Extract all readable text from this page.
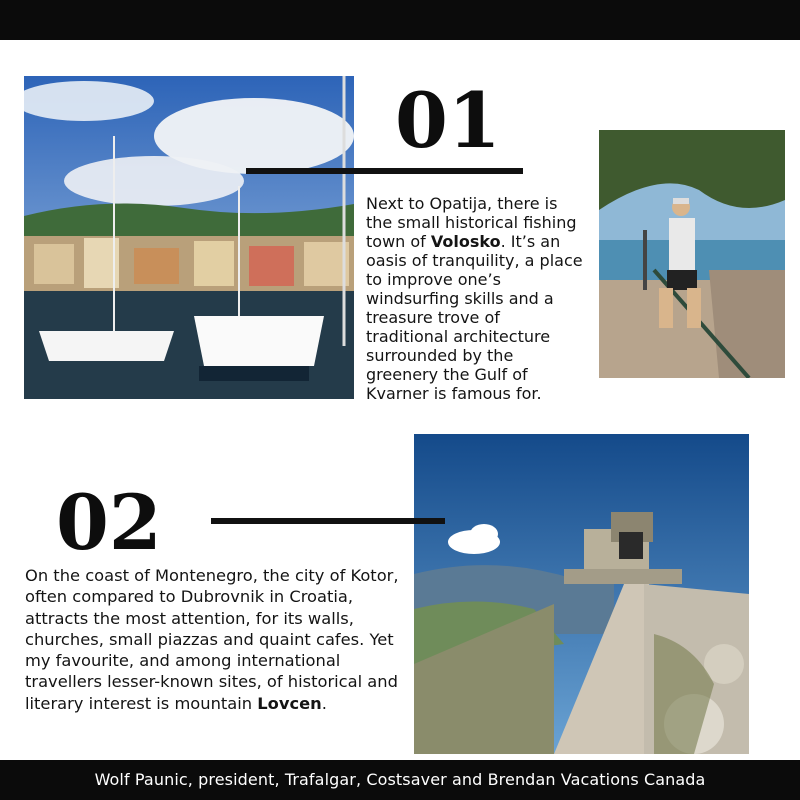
01
Next to Opatija, there is the small historical fishing town of Volosko. It’s an oasis of tranquility, a place to improve one’s windsurfing skills and a treasure trove of traditional architecture surrounded by the greenery the Gulf of Kvarner is famous for.
02
On the coast of Montenegro, the city of Kotor, often compared to Dubrovnik in Croatia, attracts the most attention, for its walls, churches, small piazzas and quaint cafes. Yet my favourite, and among international travellers lesser-known sites, of historical and literary interest is mountain Lovcen.
Wolf Paunic, president, Trafalgar, Costsaver and Brendan Vacations Canada
